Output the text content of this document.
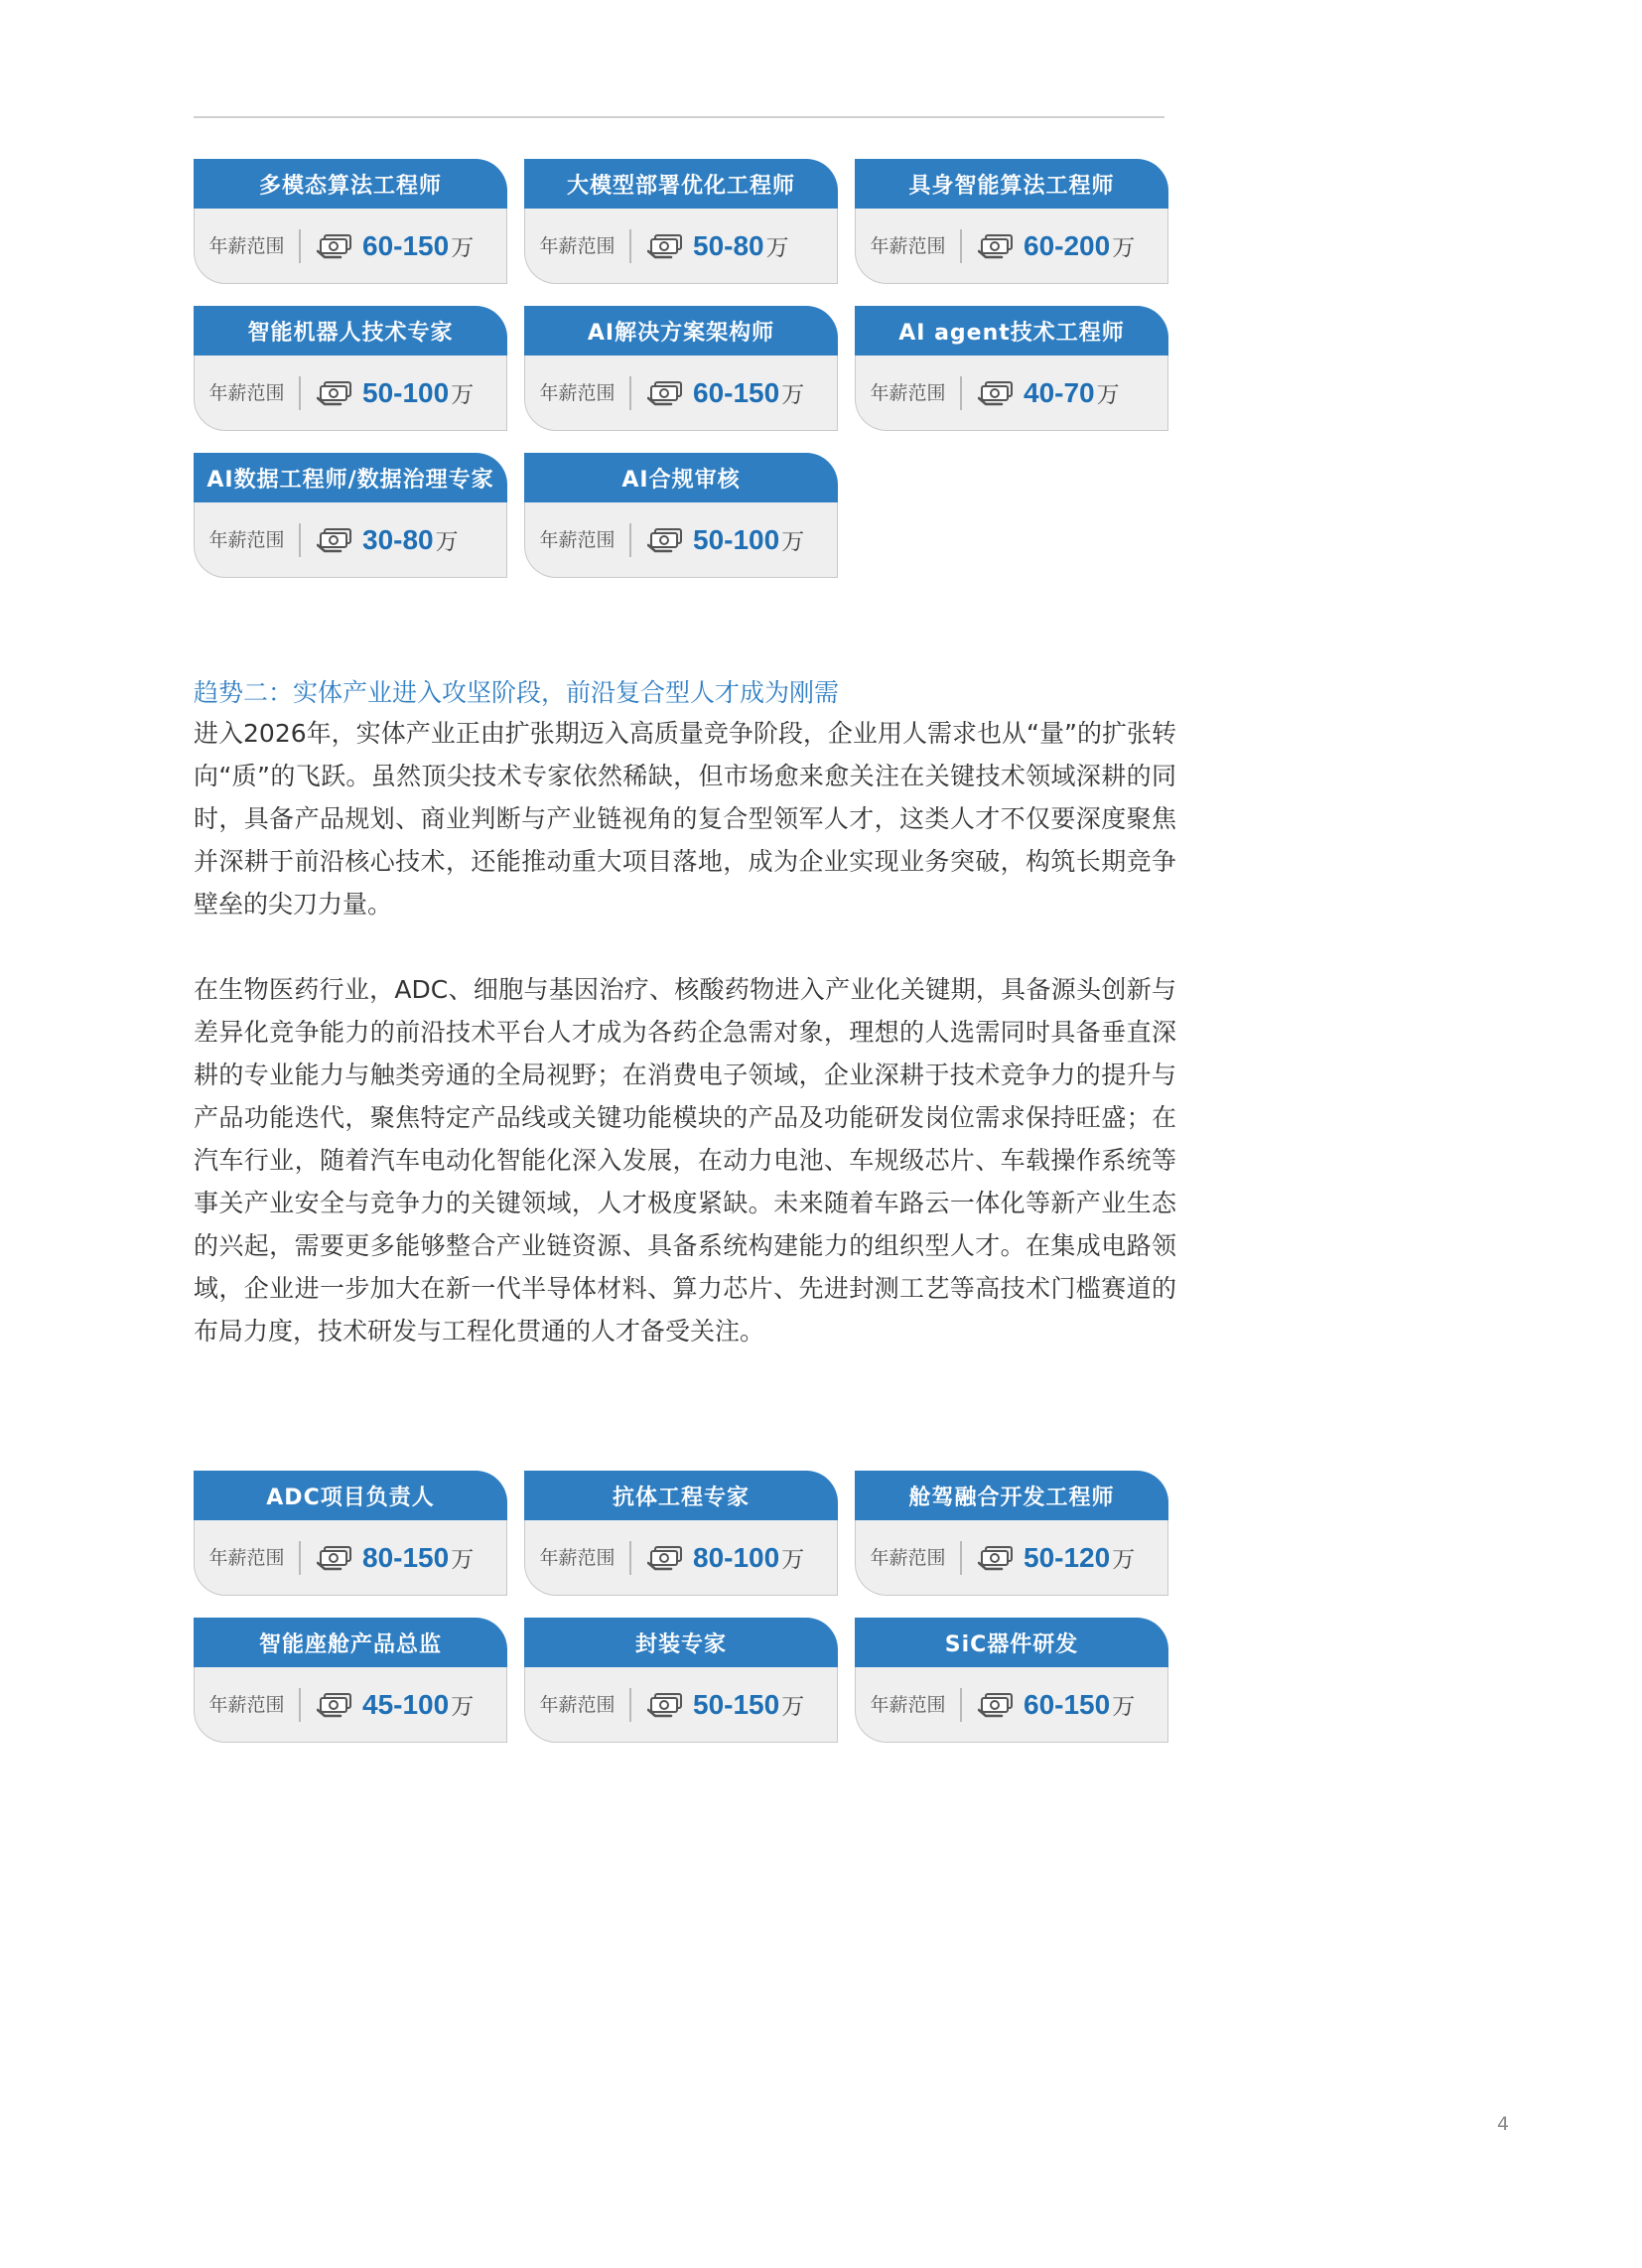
多模态算法工程师
年薪范围	60-150 万
大模型部署优化工程师
年薪范围	50-80 万
具身智能算法工程师
年薪范围	60-200 万
智能机器人技术专家
年薪范围	50-100 万
AI解决方案架构师
年薪范围	60-150 万
AI agent技术工程师
年薪范围	40-70 万
AI数据工程师/数据治理专家
年薪范围	30-80 万
AI合规审核
年薪范围	50-100 万
趋势二：实体产业进入攻坚阶段，前沿复合型人才成为刚需

进入2026年，实体产业正由扩张期迈入高质量竞争阶段，企业用人需求也从“量”的扩张转向“质”的飞跃。虽然顶尖技术专家依然稀缺，但市场愈来愈关注在关键技术领域深耕的同时，具备产品规划、商业判断与产业链视角的复合型领军人才，这类人才不仅要深度聚焦并深耕于前沿核心技术，还能推动重大项目落地，成为企业实现业务突破，构筑长期竞争壁垒的尖刀力量。

在生物医药行业，ADC、细胞与基因治疗、核酸药物进入产业化关键期，具备源头创新与差异化竞争能力的前沿技术平台人才成为各药企急需对象，理想的人选需同时具备垂直深耕的专业能力与触类旁通的全局视野；在消费电子领域，企业深耕于技术竞争力的提升与产品功能迭代，聚焦特定产品线或关键功能模块的产品及功能研发岗位需求保持旺盛；在汽车行业，随着汽车电动化智能化深入发展，在动力电池、车规级芯片、车载操作系统等事关产业安全与竞争力的关键领域，人才极度紧缺。未来随着车路云一体化等新产业生态的兴起，需要更多能够整合产业链资源、具备系统构建能力的组织型人才。在集成电路领域，企业进一步加大在新一代半导体材料、算力芯片、先进封测工艺等高技术门槛赛道的布局力度，技术研发与工程化贯通的人才备受关注。

ADC项目负责人
年薪范围	80-150 万
抗体工程专家
年薪范围	80-100 万
舱驾融合开发工程师
年薪范围	50-120 万
智能座舱产品总监
年薪范围	45-100 万
封装专家
年薪范围	50-150 万
SiC器件研发
年薪范围	60-150 万
4
